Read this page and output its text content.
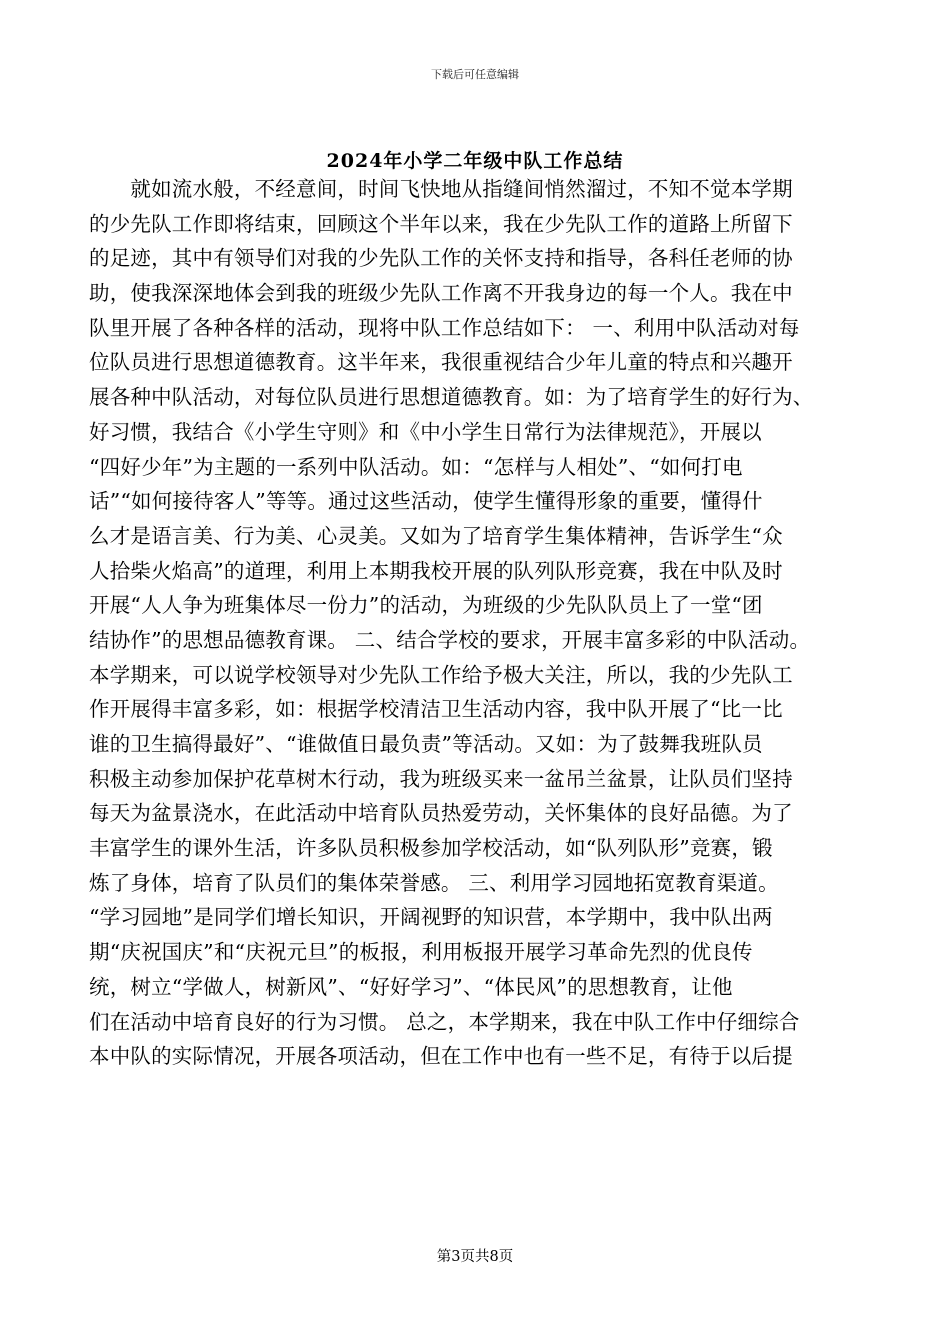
下载后可任意编辑
2024年小学二年级中队工作总结
　　就如流水般，不经意间，时间飞快地从指缝间悄然溜过，不知不觉本学期
的少先队工作即将结束，回顾这个半年以来，我在少先队工作的道路上所留下
的足迹，其中有领导们对我的少先队工作的关怀支持和指导，各科任老师的协
助，使我深深地体会到我的班级少先队工作离不开我身边的每一个人。我在中
队里开展了各种各样的活动，现将中队工作总结如下： 一、利用中队活动对每
位队员进行思想道德教育。这半年来，我很重视结合少年儿童的特点和兴趣开
展各种中队活动，对每位队员进行思想道德教育。如：为了培育学生的好行为、
好习惯，我结合《小学生守则》和《中小学生日常行为法律规范》，开展以
“四好少年”为主题的一系列中队活动。如：“怎样与人相处”、“如何打电
话”“如何接待客人”等等。通过这些活动，使学生懂得形象的重要，懂得什
么才是语言美、行为美、心灵美。又如为了培育学生集体精神，告诉学生“众
人拾柴火焰高”的道理，利用上本期我校开展的队列队形竞赛，我在中队及时
开展“人人争为班集体尽一份力”的活动，为班级的少先队队员上了一堂“团
结协作”的思想品德教育课。 二、结合学校的要求，开展丰富多彩的中队活动。
本学期来，可以说学校领导对少先队工作给予极大关注，所以，我的少先队工
作开展得丰富多彩，如：根据学校清洁卫生活动内容，我中队开展了“比一比
谁的卫生搞得最好”、“谁做值日最负责”等活动。又如：为了鼓舞我班队员
积极主动参加保护花草树木行动，我为班级买来一盆吊兰盆景，让队员们坚持
每天为盆景浇水，在此活动中培育队员热爱劳动，关怀集体的良好品德。为了
丰富学生的课外生活，许多队员积极参加学校活动，如“队列队形”竞赛，锻
炼了身体，培育了队员们的集体荣誉感。 三、利用学习园地拓宽教育渠道。
“学习园地”是同学们增长知识，开阔视野的知识营，本学期中，我中队出两
期“庆祝国庆”和“庆祝元旦”的板报，利用板报开展学习革命先烈的优良传
统，树立“学做人，树新风”、“好好学习”、“体民风”的思想教育，让他
们在活动中培育良好的行为习惯。 总之，本学期来，我在中队工作中仔细综合
本中队的实际情况，开展各项活动，但在工作中也有一些不足，有待于以后提
第3页共8页
